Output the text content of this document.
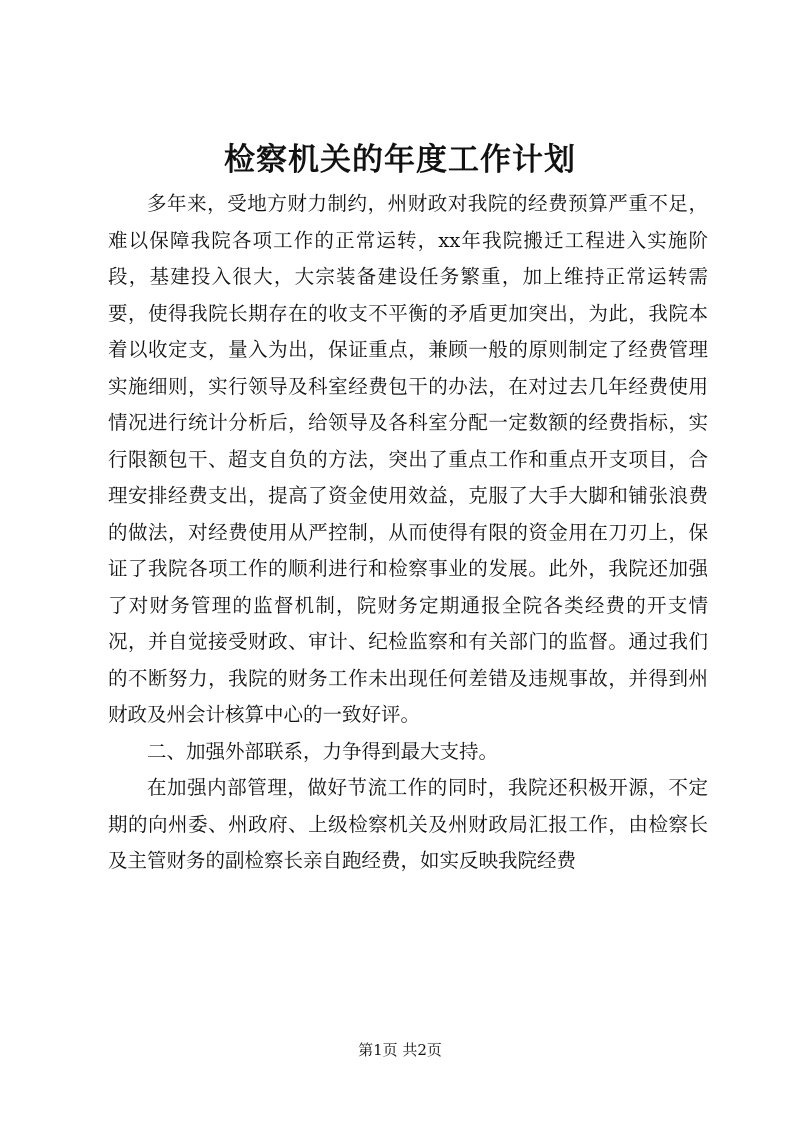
检察机关的年度工作计划

多年来，受地方财力制约，州财政对我院的经费预算严重不足，难以保障我院各项工作的正常运转，xx年我院搬迁工程进入实施阶段，基建投入很大，大宗装备建设任务繁重，加上维持正常运转需要，使得我院长期存在的收支不平衡的矛盾更加突出，为此，我院本着以收定支，量入为出，保证重点，兼顾一般的原则制定了经费管理实施细则，实行领导及科室经费包干的办法，在对过去几年经费使用情况进行统计分析后，给领导及各科室分配一定数额的经费指标，实行限额包干、超支自负的方法，突出了重点工作和重点开支项目，合理安排经费支出，提高了资金使用效益，克服了大手大脚和铺张浪费的做法，对经费使用从严控制，从而使得有限的资金用在刀刃上，保证了我院各项工作的顺利进行和检察事业的发展。此外，我院还加强了对财务管理的监督机制，院财务定期通报全院各类经费的开支情况，并自觉接受财政、审计、纪检监察和有关部门的监督。通过我们的不断努力，我院的财务工作未出现任何差错及违规事故，并得到州财政及州会计核算中心的一致好评。

二、加强外部联系，力争得到最大支持。

在加强内部管理，做好节流工作的同时，我院还积极开源，不定期的向州委、州政府、上级检察机关及州财政局汇报工作，由检察长及主管财务的副检察长亲自跑经费，如实反映我院经费

第1页 共2页
